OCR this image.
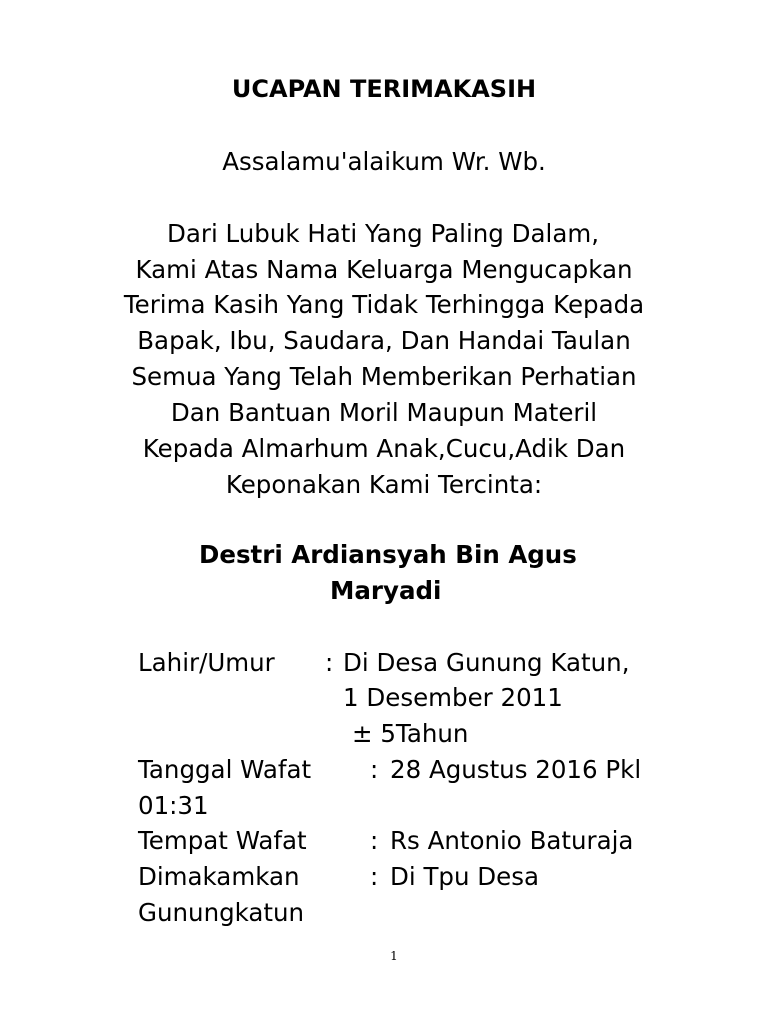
UCAPAN TERIMAKASIH
Assalamu'alaikum Wr. Wb.
Dari Lubuk Hati Yang Paling Dalam,
Kami Atas Nama Keluarga Mengucapkan
Terima Kasih Yang Tidak Terhingga Kepada
Bapak, Ibu, Saudara, Dan Handai Taulan
Semua Yang Telah Memberikan Perhatian
Dan Bantuan Moril Maupun Materil
Kepada Almarhum Anak,Cucu,Adik Dan
Keponakan Kami Tercinta:
Destri Ardiansyah Bin Agus
Maryadi
Lahir/Umur : Di Desa Gunung Katun,
1 Desember 2011
± 5Tahun
Tanggal Wafat : 28 Agustus 2016 Pkl
01:31
Tempat Wafat	: Rs Antonio Baturaja
Dimakamkan	: Di Tpu Desa
Gunungkatun
1
